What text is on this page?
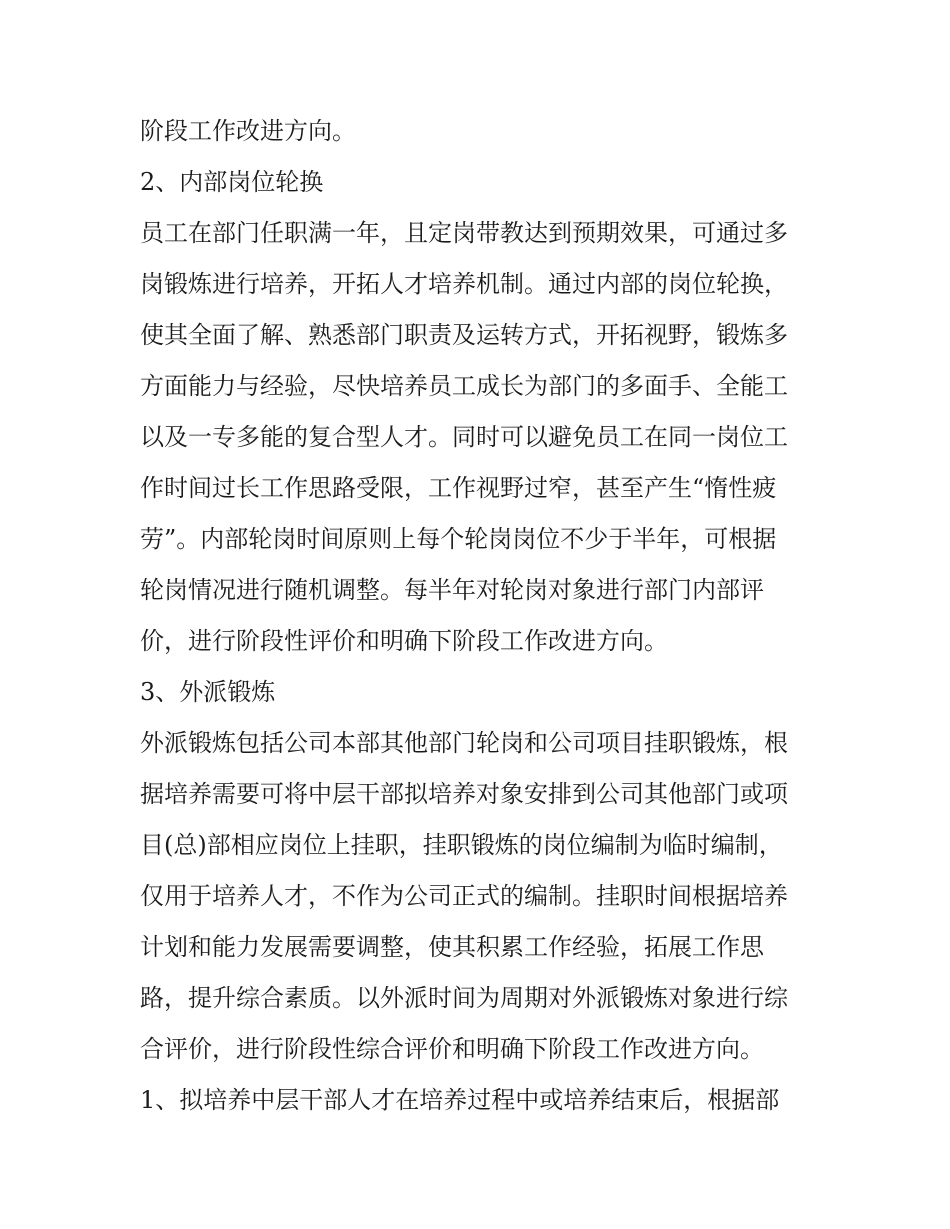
阶段工作改进方向。
2、内部岗位轮换
员工在部门任职满一年，且定岗带教达到预期效果，可通过多
岗锻炼进行培养，开拓人才培养机制。通过内部的岗位轮换，
使其全面了解、熟悉部门职责及运转方式，开拓视野，锻炼多
方面能力与经验，尽快培养员工成长为部门的多面手、全能工
以及一专多能的复合型人才。同时可以避免员工在同一岗位工
作时间过长工作思路受限，工作视野过窄，甚至产生“惰性疲
劳”。内部轮岗时间原则上每个轮岗岗位不少于半年，可根据
轮岗情况进行随机调整。每半年对轮岗对象进行部门内部评
价，进行阶段性评价和明确下阶段工作改进方向。
3、外派锻炼
外派锻炼包括公司本部其他部门轮岗和公司项目挂职锻炼，根
据培养需要可将中层干部拟培养对象安排到公司其他部门或项
目(总)部相应岗位上挂职，挂职锻炼的岗位编制为临时编制，
仅用于培养人才，不作为公司正式的编制。挂职时间根据培养
计划和能力发展需要调整，使其积累工作经验，拓展工作思
路，提升综合素质。以外派时间为周期对外派锻炼对象进行综
合评价，进行阶段性综合评价和明确下阶段工作改进方向。
1、拟培养中层干部人才在培养过程中或培养结束后，根据部
